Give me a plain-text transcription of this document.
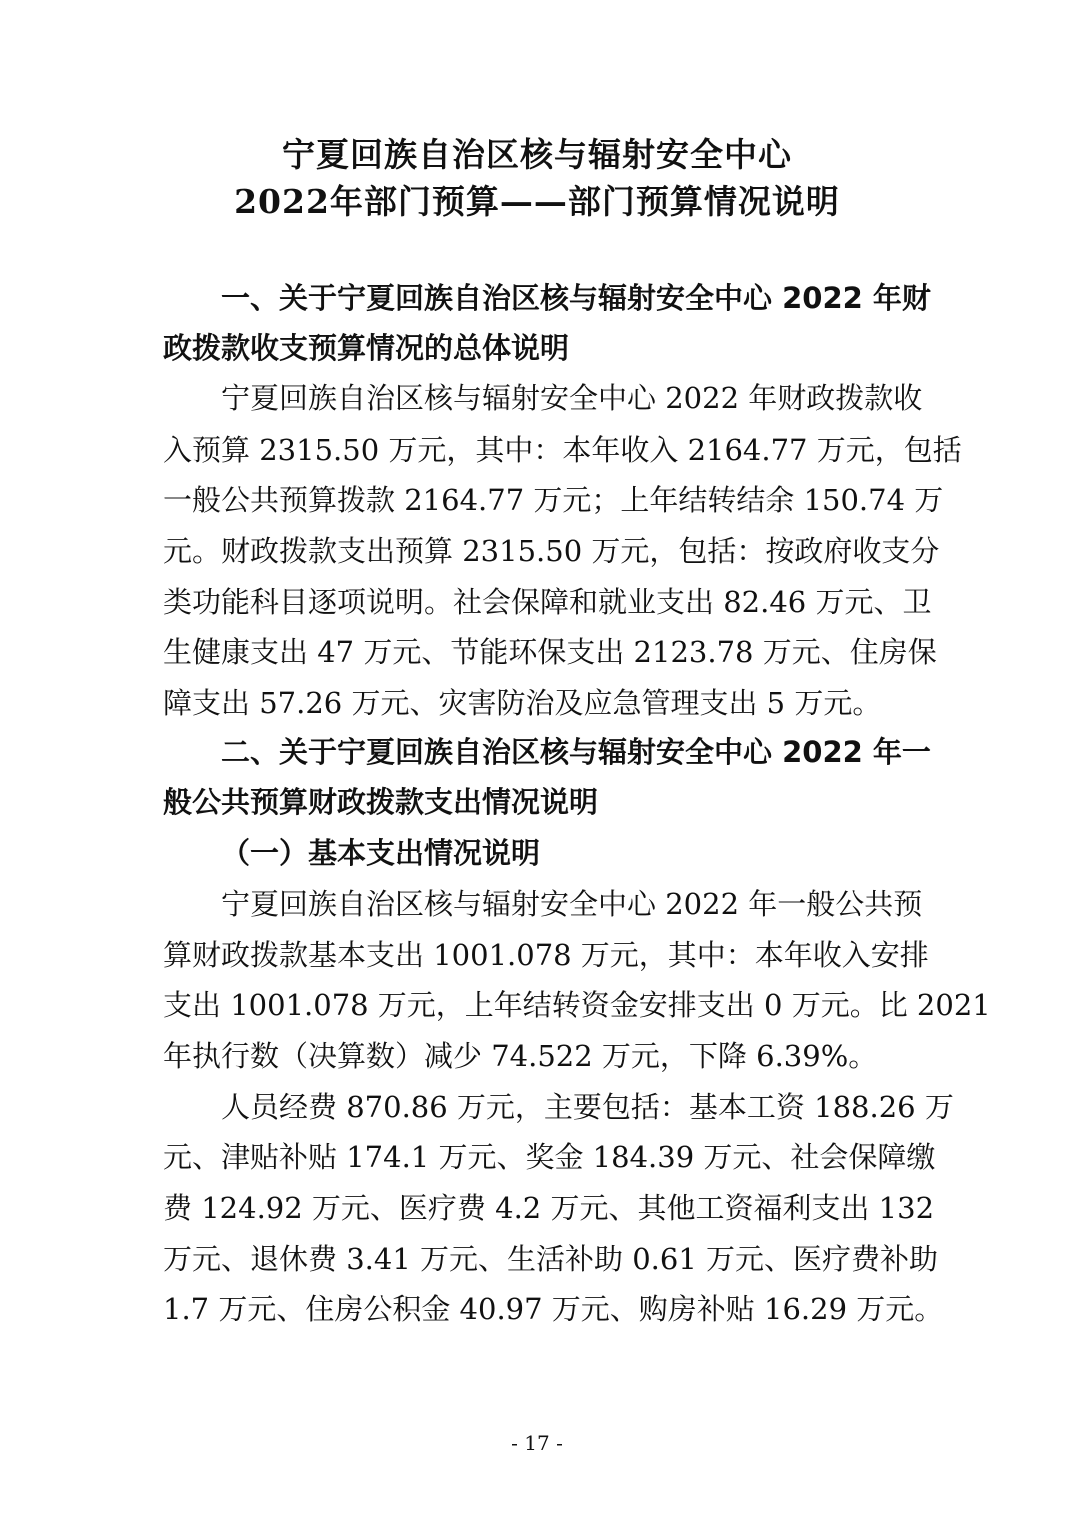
宁夏回族自治区核与辐射安全中心
2022年部门预算——部门预算情况说明

一、关于宁夏回族自治区核与辐射安全中心 2022 年财

政拨款收支预算情况的总体说明

宁夏回族自治区核与辐射安全中心 2022 年财政拨款收

入预算 2315.50 万元，其中：本年收入 2164.77 万元，包括

一般公共预算拨款 2164.77 万元；上年结转结余 150.74 万

元。财政拨款支出预算 2315.50 万元，包括：按政府收支分

类功能科目逐项说明。社会保障和就业支出 82.46 万元、卫

生健康支出 47 万元、节能环保支出 2123.78 万元、住房保

障支出 57.26 万元、灾害防治及应急管理支出 5 万元。

二、关于宁夏回族自治区核与辐射安全中心 2022 年一

般公共预算财政拨款支出情况说明

（一）基本支出情况说明

宁夏回族自治区核与辐射安全中心 2022 年一般公共预

算财政拨款基本支出 1001.078 万元，其中：本年收入安排

支出 1001.078 万元，上年结转资金安排支出 0 万元。比 2021

年执行数（决算数）减少 74.522 万元，下降 6.39%。

人员经费 870.86 万元，主要包括：基本工资 188.26 万

元、津贴补贴 174.1 万元、奖金 184.39 万元、社会保障缴

费 124.92 万元、医疗费 4.2 万元、其他工资福利支出 132

万元、退休费 3.41 万元、生活补助 0.61 万元、医疗费补助

1.7 万元、住房公积金 40.97 万元、购房补贴 16.29 万元。

- 17 -
